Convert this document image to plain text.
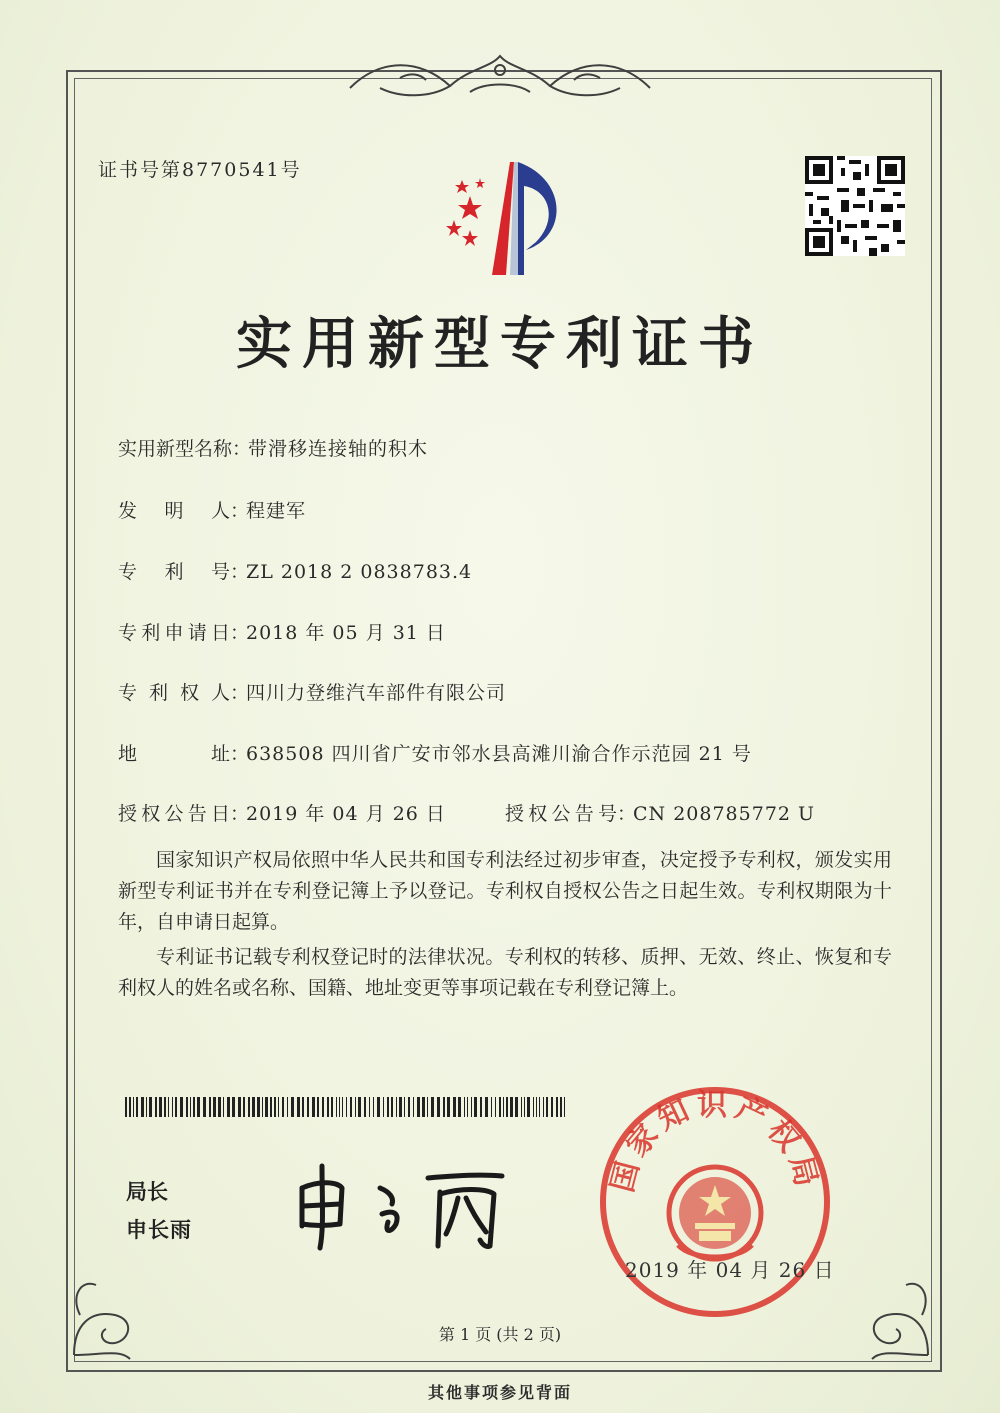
证书号第8770541号
实用新型专利证书
实用新型名称：带滑移连接轴的积木
发明人：程建军
专利号：ZL 2018 2 0838783.4
专利申请日：2018 年 05 月 31 日
专利权人：四川力登维汽车部件有限公司
地址：638508 四川省广安市邻水县高滩川渝合作示范园 21 号
授权公告日：2019 年 04 月 26 日	授权公告号：CN 208785772 U

国家知识产权局依照中华人民共和国专利法经过初步审查，决定授予专利权，颁发实用新型专利证书并在专利登记簿上予以登记。专利权自授权公告之日起生效。专利权期限为十年，自申请日起算。

专利证书记载专利权登记时的法律状况。专利权的转移、质押、无效、终止、恢复和专利权人的姓名或名称、国籍、地址变更等事项记载在专利登记簿上。

局长
申长雨
国家知识产权局
2019 年 04 月 26 日
第 1 页 (共 2 页)
其他事项参见背面
